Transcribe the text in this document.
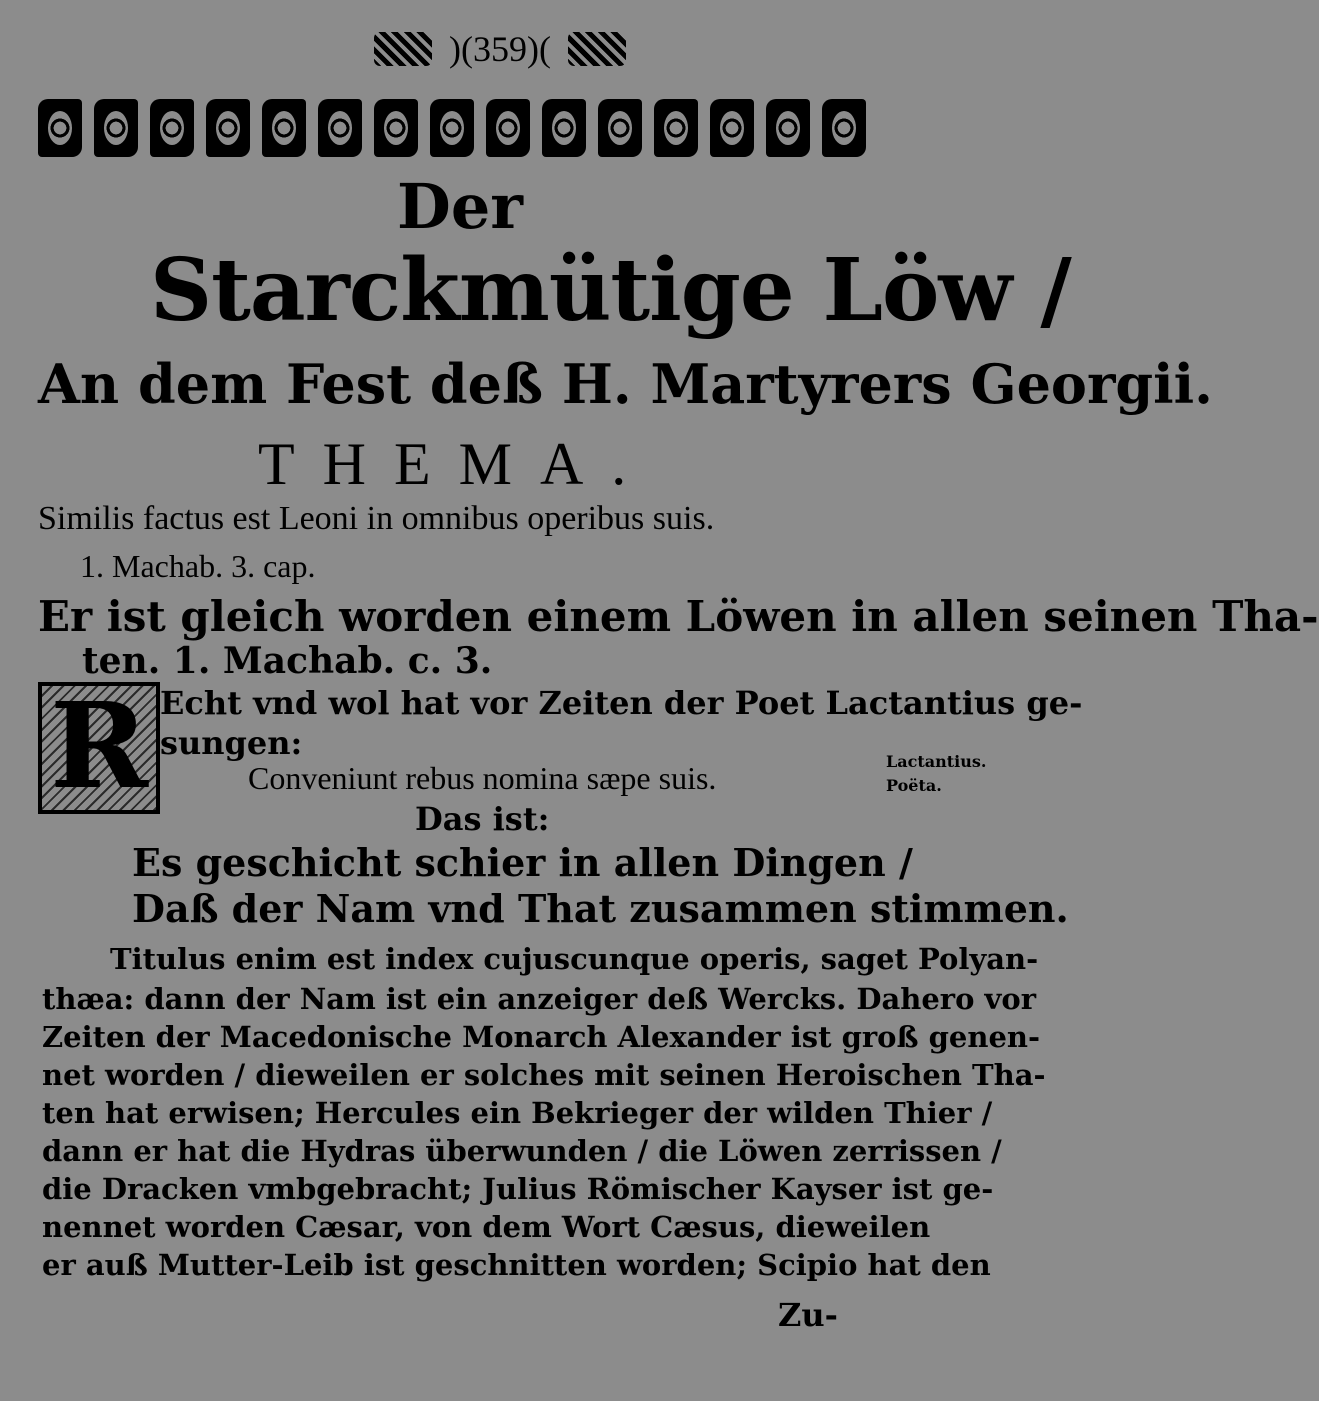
)(359)(
Der
Starckmütige Löw /
An dem Fest deß H. Martyrers Georgii.
THEMA.
Similis factus est Leoni in omnibus operibus suis.
1. Machab. 3. cap.
Er ist gleich worden einem Löwen in allen seinen Tha-
ten. 1. Machab. c. 3.
R Echt vnd wol hat vor Zeiten der Poet Lactantius ge-
sungen:
Conveniunt rebus nomina sæpe suis.	Lactantius.
Poëta.
Das ist:
Es geschicht schier in allen Dingen /
Daß der Nam vnd That zusammen stimmen.
Titulus enim est index cujuscunque operis, saget Polyan-
thæa: dann der Nam ist ein anzeiger deß Wercks. Dahero vor
Zeiten der Macedonische Monarch Alexander ist groß genen-
net worden / dieweilen er solches mit seinen Heroischen Tha-
ten hat erwisen; Hercules ein Bekrieger der wilden Thier /
dann er hat die Hydras überwunden / die Löwen zerrissen /
die Dracken vmbgebracht; Julius Römischer Kayser ist ge-
nennet worden Cæsar, von dem Wort Cæsus, dieweilen
er auß Mutter-Leib ist geschnitten worden; Scipio hat den
Zu-
